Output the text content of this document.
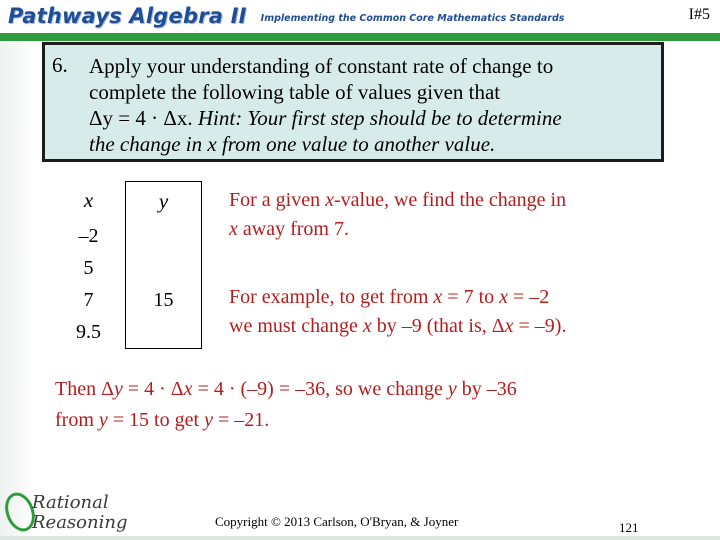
Pathways Algebra II Implementing the Common Core Mathematics Standards	I#5
6. Apply your understanding of constant rate of change to
complete the following table of values given that
Δy = 4 · Δx. Hint: Your first step should be to determine
the change in x from one value to another value.
x	y
–2	
5	
7	15
9.5	
For a given x-value, we find the change in
x away from 7.
For example, to get from x = 7 to x = –2
we must change x by –9 (that is, Δx = –9).
Then Δy = 4 · Δx = 4 · (–9) = –36, so we change y by –36
from y = 15 to get y = –21.
Rational
Reasoning	Copyright © 2013 Carlson, O'Bryan, & Joyner	121
